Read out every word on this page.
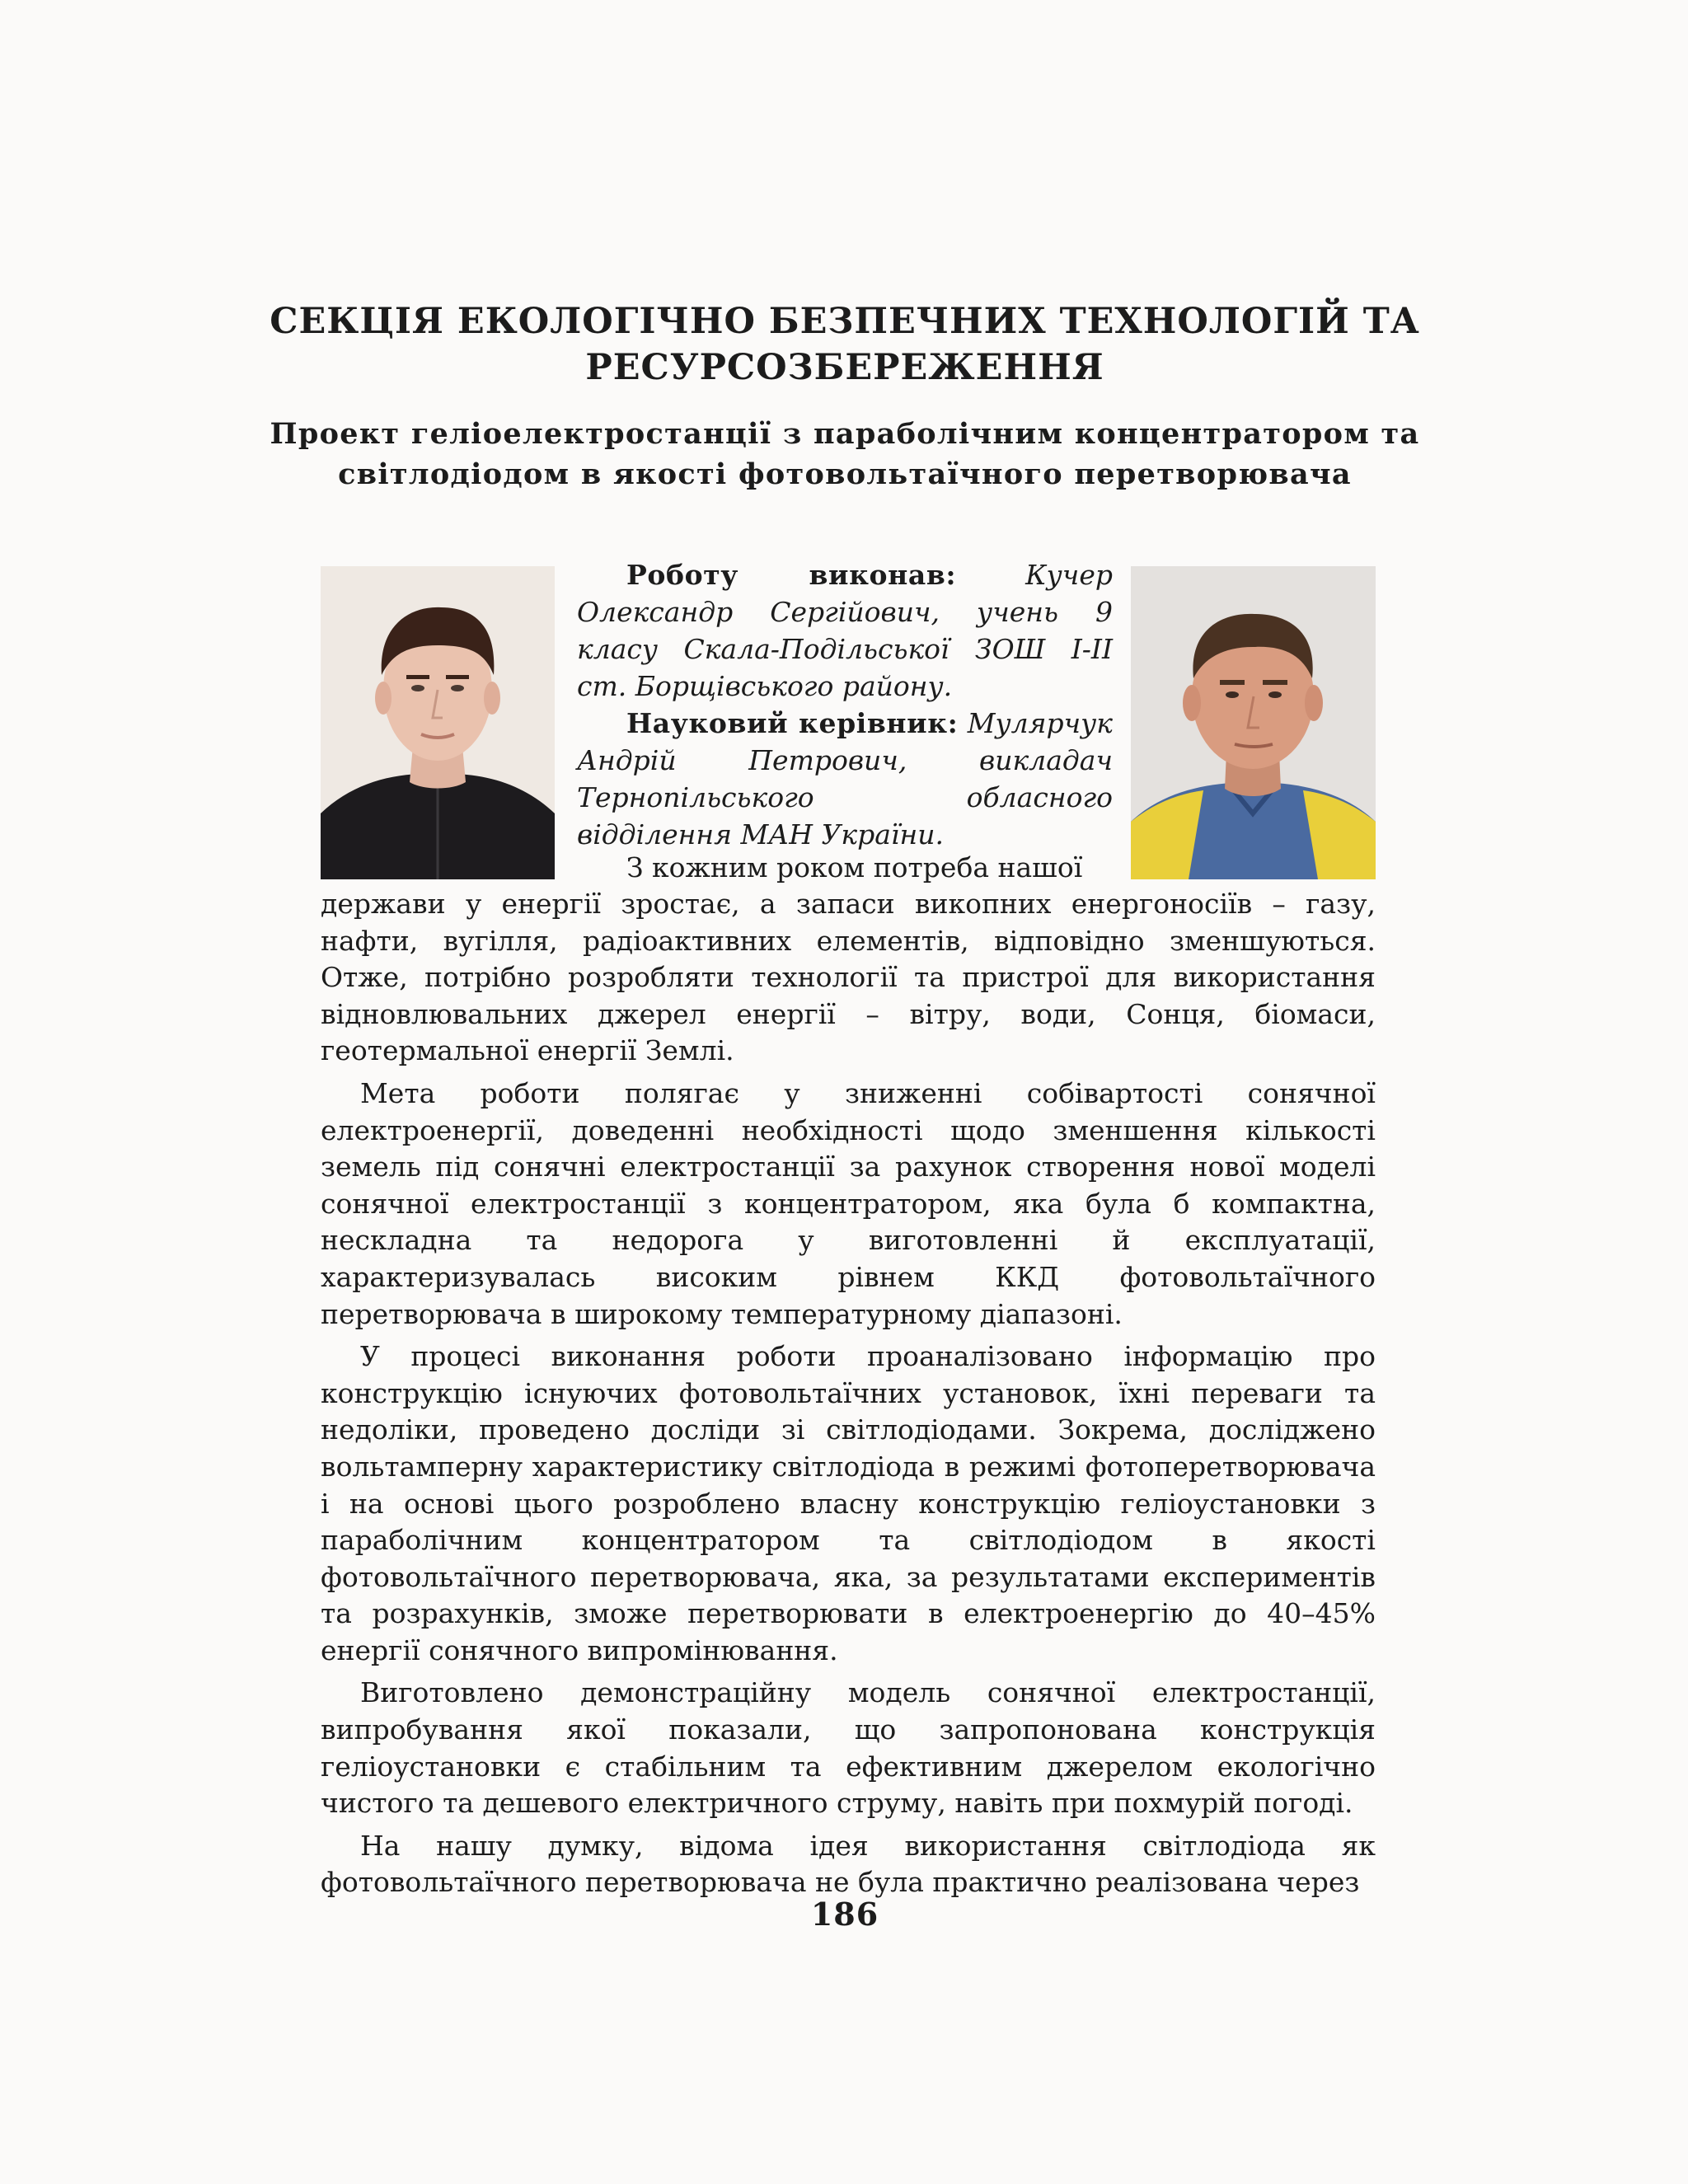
СЕКЦІЯ ЕКОЛОГІЧНО БЕЗПЕЧНИХ ТЕХНОЛОГІЙ ТА РЕСУРСОЗБЕРЕЖЕННЯ
Проект геліоелектростанції з параболічним концентратором та світлодіодом в якості фотовольтаїчного перетворювача

Роботу виконав:	Кучер Олександр Сергійович, учень 9 класу Скала-Подільської ЗОШ І-ІІ ст. Борщівського району.

Науковий керівник: Мулярчук Андрій Петрович, викладач Тернопільського обласного відділення МАН України.

З кожним роком потреба нашої

держави у енергії зростає, а запаси викопних енергоносіїв – газу, нафти, вугілля, радіоактивних елементів, відповідно зменшуються. Отже, потрібно розробляти технології та пристрої для використання відновлювальних джерел енергії – вітру, води, Сонця, біомаси, геотермальної енергії Землі.

Мета роботи полягає у зниженні собівартості сонячної електроенергії, доведенні необхідності щодо зменшення кількості земель під сонячні електростанції за рахунок створення нової моделі сонячної електростанції з концентратором, яка була б компактна, нескладна та недорога у виготовленні й експлуатації, характеризувалась високим рівнем ККД фотовольтаїчного перетворювача в широкому температурному діапазоні.

У процесі виконання роботи проаналізовано інформацію про конструкцію існуючих фотовольтаїчних установок, їхні переваги та недоліки, проведено досліди зі світлодіодами. Зокрема, досліджено вольтамперну характеристику світлодіода в режимі фотоперетворювача і на основі цього розроблено власну конструкцію геліоустановки з параболічним концентратором та світлодіодом в якості фотовольтаїчного перетворювача, яка, за результатами експериментів та розрахунків, зможе перетворювати в електроенергію до 40–45% енергії сонячного випромінювання.

Виготовлено демонстраційну модель сонячної електростанції, випробування якої показали, що запропонована конструкція геліоустановки є стабільним та ефективним джерелом екологічно чистого та дешевого електричного струму, навіть при похмурій погоді.

На нашу думку, відома ідея використання світлодіода як фотовольтаїчного перетворювача не була практично реалізована через

186
